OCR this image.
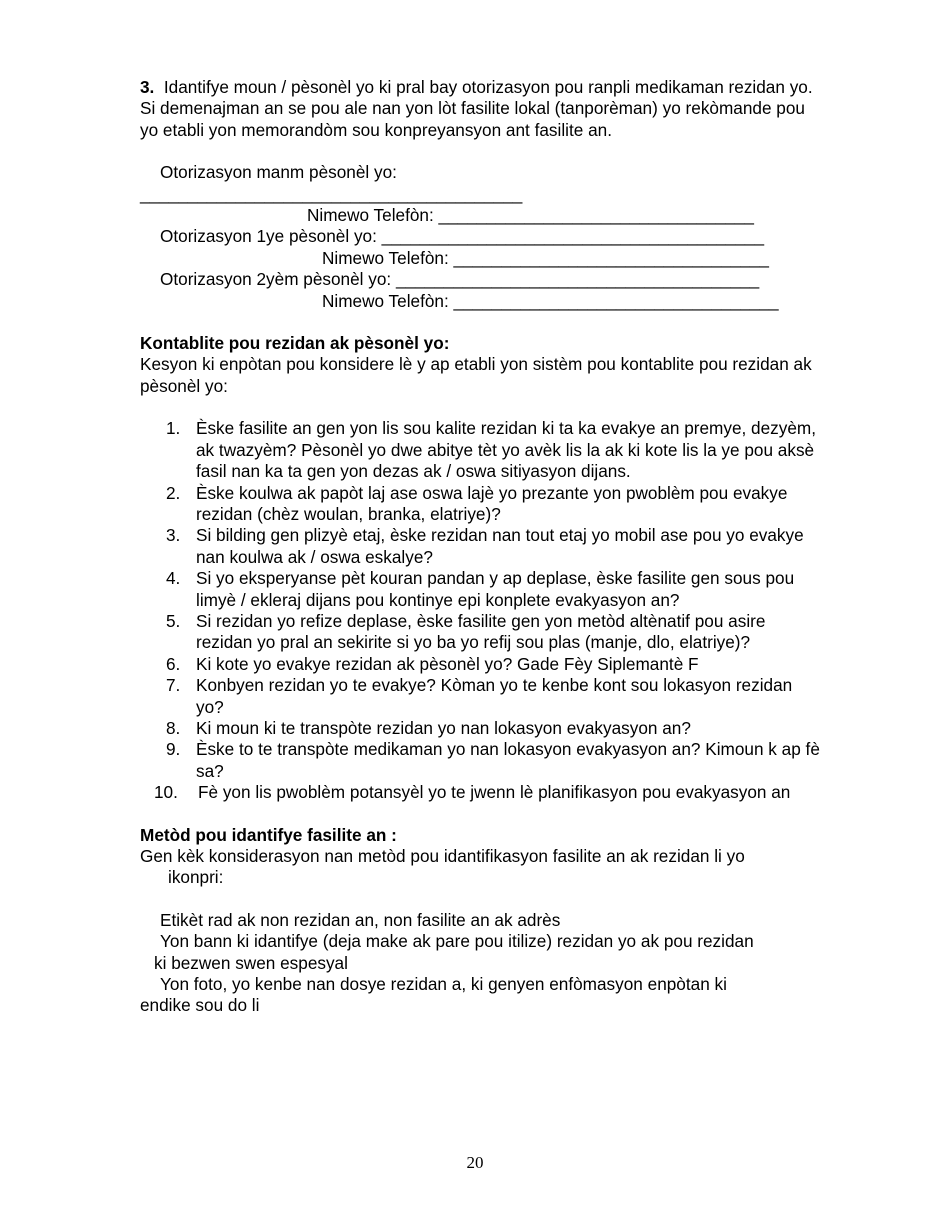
3. Idantifye moun / pèsonèl yo ki pral bay otorizasyon pou ranpli medikaman rezidan yo. Si demenajman an se pou ale nan yon lòt fasilite lokal (tanporèman) yo rekòmande pou yo etabli yon memorandòm sou konpreyansyon ant fasilite an.

Otorizasyon manm pèsonèl yo:

________________________________________

Nimewo Telefòn: _________________________________

Otorizasyon 1ye pèsonèl yo: ________________________________________

Nimewo Telefòn: _________________________________

Otorizasyon 2yèm pèsonèl yo: ______________________________________

Nimewo Telefòn: __________________________________

Kontablite pou rezidan ak pèsonèl yo:

Kesyon ki enpòtan pou konsidere lè y ap etabli yon sistèm pou kontablite pou rezidan ak pèsonèl yo:

1. Èske fasilite an gen yon lis sou kalite rezidan ki ta ka evakye an premye, dezyèm, ak twazyèm? Pèsonèl yo dwe abitye tèt yo avèk lis la ak ki kote lis la ye pou aksè fasil nan ka ta gen yon dezas ak / oswa sitiyasyon dijans.
2. Èske koulwa ak papòt laj ase oswa lajè yo prezante yon pwoblèm pou evakye rezidan (chèz woulan, branka, elatriye)?
3. Si bilding gen plizyè etaj, èske rezidan nan tout etaj yo mobil ase pou yo evakye nan koulwa ak / oswa eskalye?
4. Si yo eksperyanse pèt kouran pandan y ap deplase, èske fasilite gen sous pou limyè / ekleraj dijans pou kontinye epi konplete evakyasyon an?
5. Si rezidan yo refize deplase, èske fasilite gen yon metòd altènatif pou asire rezidan yo pral an sekirite si yo ba yo refij sou plas (manje, dlo, elatriye)?
6. Ki kote yo evakye rezidan ak pèsonèl yo? Gade Fèy Siplemantè F
7. Konbyen rezidan yo te evakye? Kòman yo te kenbe kont sou lokasyon rezidan yo?
8. Ki moun ki te transpòte rezidan yo nan lokasyon evakyasyon an?
9. Èske to te transpòte medikaman yo nan lokasyon evakyasyon an? Kimoun k ap fè sa?
10.	Fè yon lis pwoblèm potansyèl yo te jwenn lè planifikasyon pou evakyasyon an

Metòd pou idantifye fasilite an :

Gen kèk konsiderasyon nan metòd pou idantifikasyon fasilite an ak rezidan li yo
ikonpri:

Etikèt rad ak non rezidan an, non fasilite an ak adrès

Yon bann ki idantifye (deja make ak pare pou itilize) rezidan yo ak pou rezidan

ki bezwen swen espesyal

Yon foto, yo kenbe nan dosye rezidan a, ki genyen enfòmasyon enpòtan ki

endike sou do li

20
